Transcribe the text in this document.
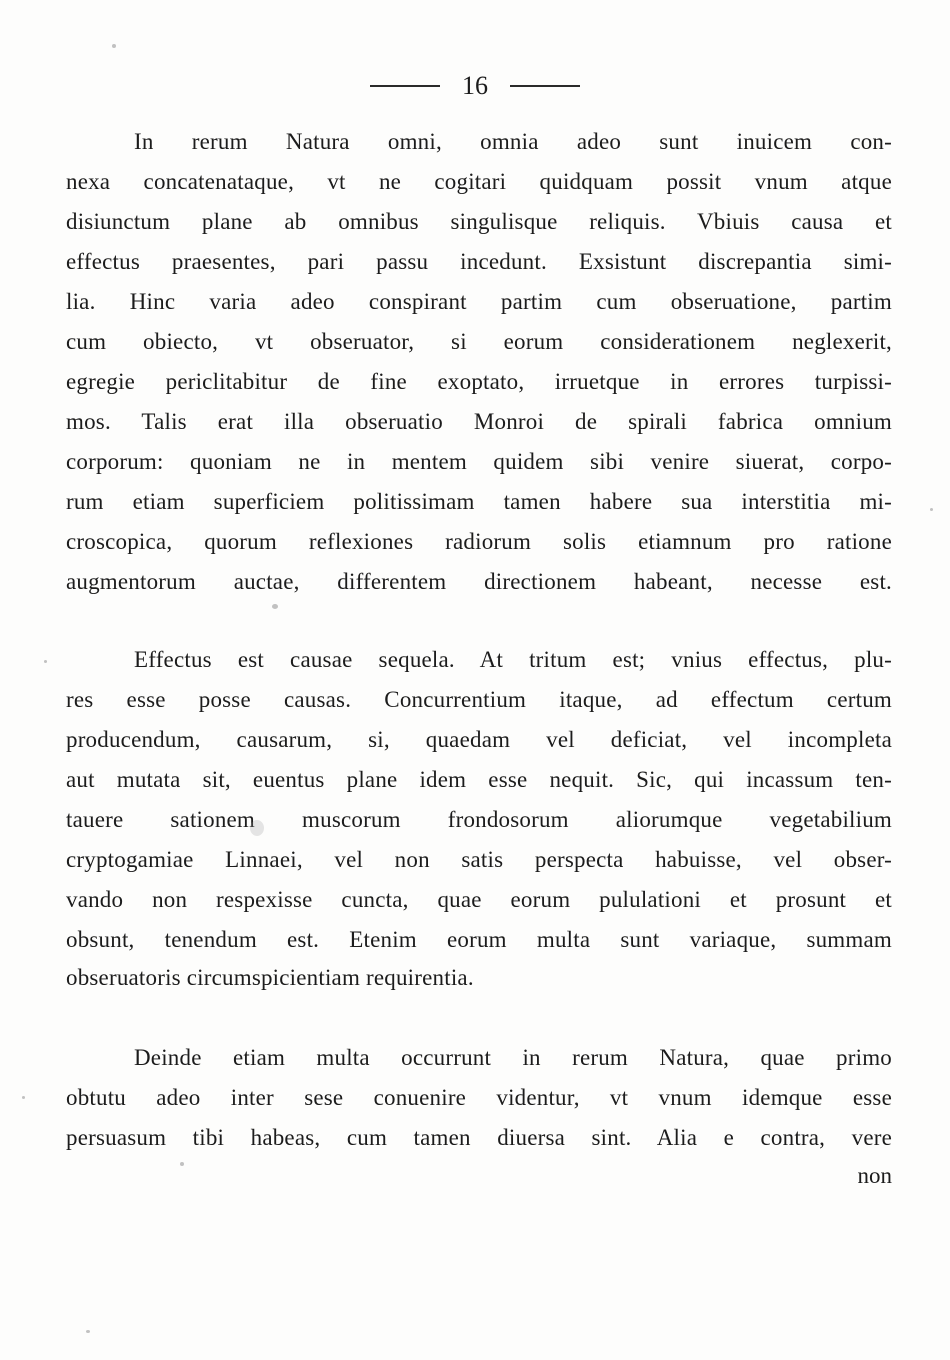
16

In rerum Natura omni, omnia adeo sunt inuicem con-

nexa concatenataque, vt ne cogitari quidquam possit vnum atque

disiunctum plane ab omnibus singulisque reliquis. Vbiuis causa et

effectus praesentes, pari passu incedunt. Exsistunt discrepantia simi-

lia. Hinc varia adeo conspirant partim cum obseruatione, partim

cum obiecto, vt obseruator, si eorum considerationem neglexerit,

egregie periclitabitur de fine exoptato, irruetque in errores turpissi-

mos. Talis erat illa obseruatio Monroi de spirali fabrica omnium

corporum: quoniam ne in mentem quidem sibi venire siuerat, corpo-

rum etiam superficiem politissimam tamen habere sua interstitia mi-

croscopica, quorum reflexiones radiorum solis etiamnum pro ratione

augmentorum auctae, differentem directionem habeant, necesse est.

Effectus est causae sequela. At tritum est; vnius effectus, plu-

res esse posse causas. Concurrentium itaque, ad effectum certum

producendum, causarum, si, quaedam vel deficiat, vel incompleta

aut mutata sit, euentus plane idem esse nequit. Sic, qui incassum ten-

tauere sationem muscorum frondosorum aliorumque vegetabilium

cryptogamiae Linnaei, vel non satis perspecta habuisse, vel obser-

vando non respexisse cuncta, quae eorum pululationi et prosunt et

obsunt, tenendum est. Etenim eorum multa sunt variaque, summam

obseruatoris circumspicientiam requirentia.

Deinde etiam multa occurrunt in rerum Natura, quae primo

obtutu adeo inter sese conuenire videntur, vt vnum idemque esse

persuasum tibi habeas, cum tamen diuersa sint. Alia e contra, vere

non
